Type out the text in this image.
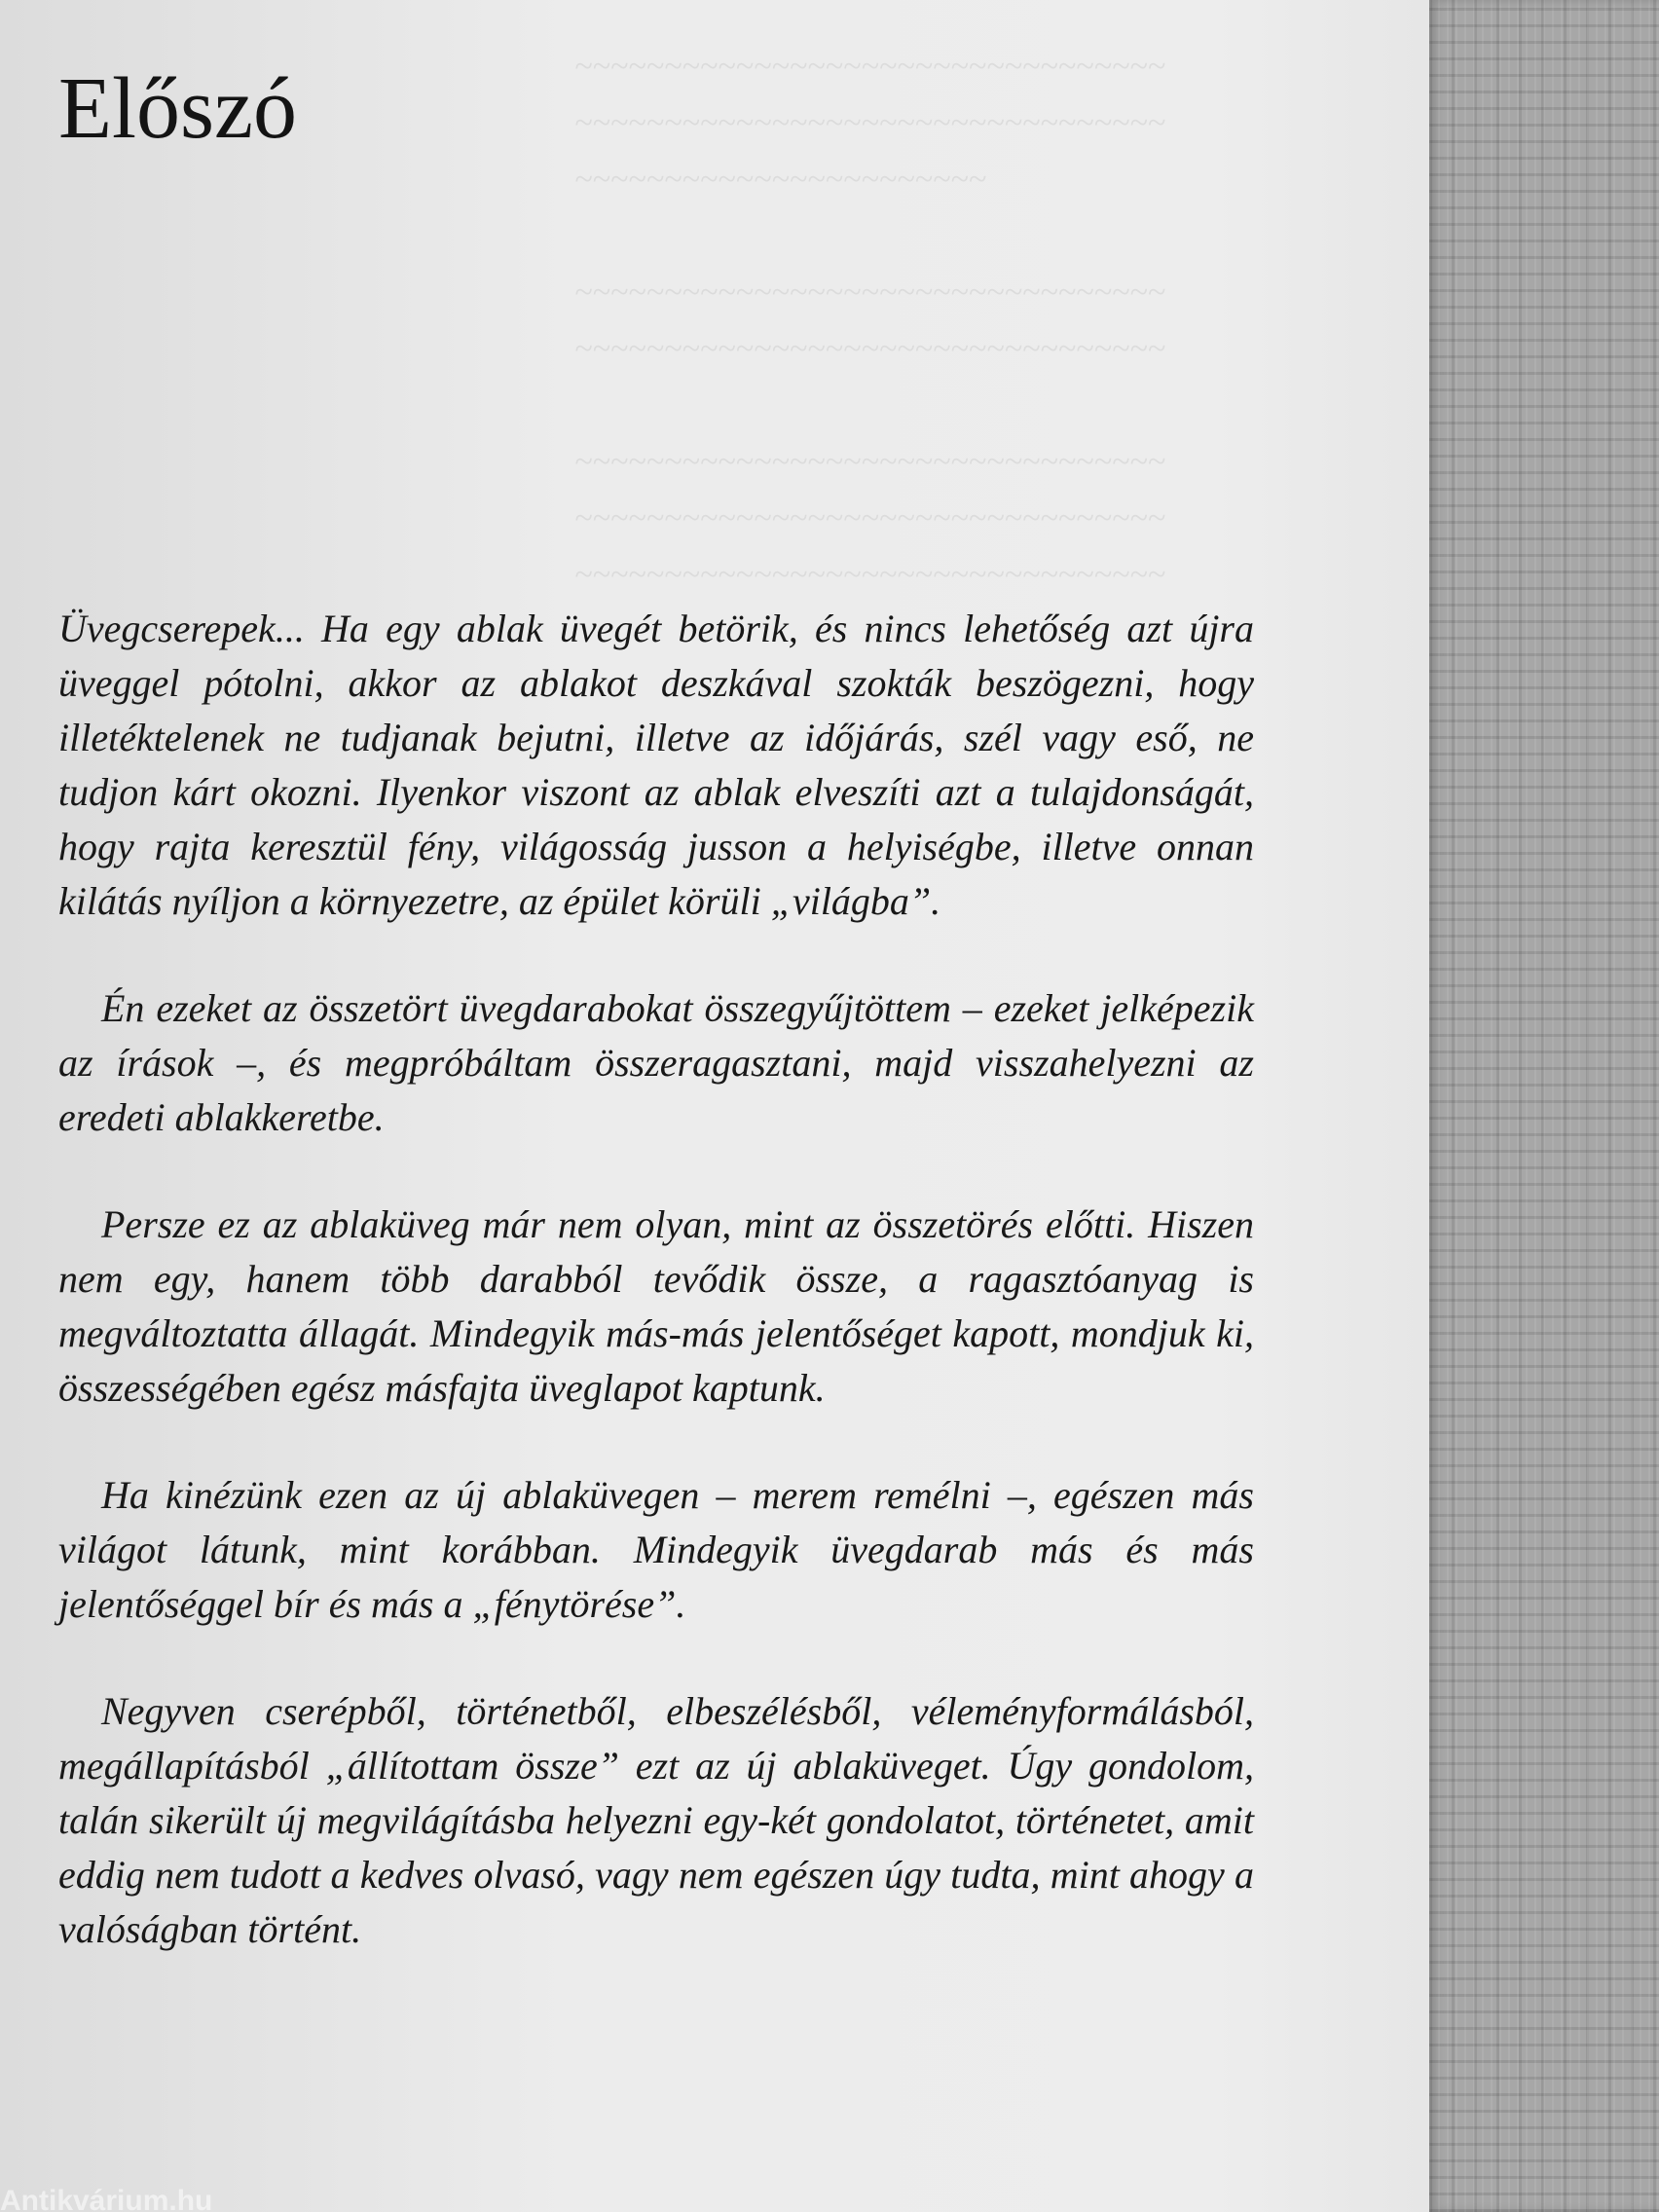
~~~~~~~~~~~~~~~~~~~~~~~~~~~~~~~~~
~~~~~~~~~~~~~~~~~~~~~~~~~~~~~~~~~
~~~~~~~~~~~~~~~~~~~~~~~

~~~~~~~~~~~~~~~~~~~~~~~~~~~~~~~~~
~~~~~~~~~~~~~~~~~~~~~~~~~~~~~~~~~

~~~~~~~~~~~~~~~~~~~~~~~~~~~~~~~~~
~~~~~~~~~~~~~~~~~~~~~~~~~~~~~~~~~
~~~~~~~~~~~~~~~~~~~~~~~~~~~~~~~~~
Előszó

Üvegcserepek... Ha egy ablak üvegét betörik, és nincs lehetőség azt újra üveggel pótolni, akkor az ablakot deszkával szokták beszögezni, hogy illetéktelenek ne tudjanak bejutni, illetve az időjárás, szél vagy eső, ne tudjon kárt okozni. Ilyenkor viszont az ablak elveszíti azt a tulajdonságát, hogy rajta keresztül fény, világosság jusson a helyiségbe, illetve onnan kilátás nyíljon a környezetre, az épület körüli „világba”.

Én ezeket az összetört üvegdarabokat összegyűjtöttem – ezeket jelképezik az írások –, és megpróbáltam összeragasztani, majd visszahelyezni az eredeti ablakkeretbe.

Persze ez az ablaküveg már nem olyan, mint az összetörés előtti. Hiszen nem egy, hanem több darabból tevődik össze, a ragasztóanyag is megváltoztatta állagát. Mindegyik más-más jelentőséget kapott, mondjuk ki, összességében egész másfajta üveglapot kaptunk.

Ha kinézünk ezen az új ablaküvegen – merem remélni –, egészen más világot látunk, mint korábban. Mindegyik üvegdarab más és más jelentőséggel bír és más a „fénytörése”.

Negyven cserépből, történetből, elbeszélésből, véleményformálásból, megállapításból „állítottam össze” ezt az új ablaküveget. Úgy gondolom, talán sikerült új megvilágításba helyezni egy-két gondolatot, történetet, amit eddig nem tudott a kedves olvasó, vagy nem egészen úgy tudta, mint ahogy a valóságban történt.

Antikvárium.hu
